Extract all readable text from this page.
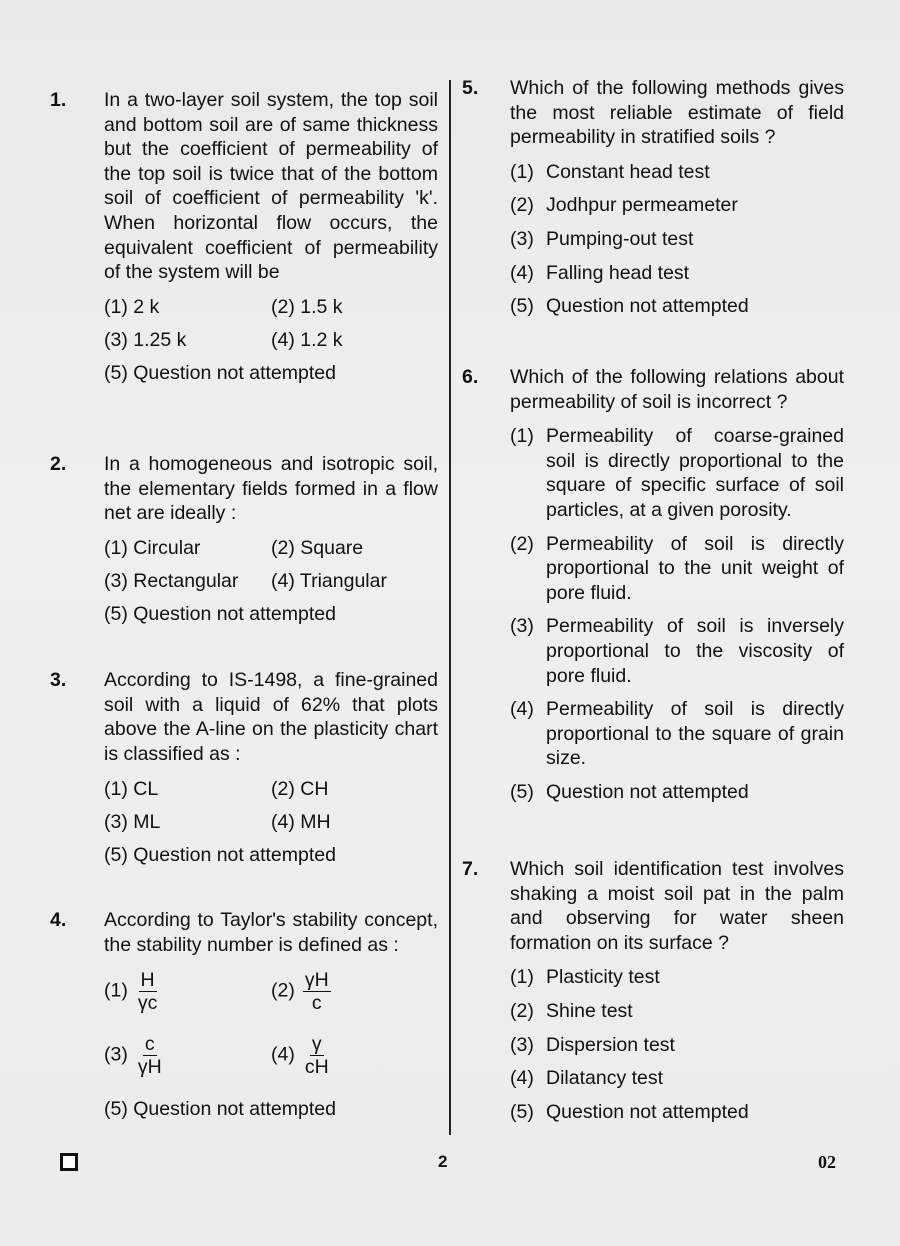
1. In a two-layer soil system, the top soil and bottom soil are of same thickness but the coefficient of permeability of the top soil is twice that of the bottom soil of coefficient of permeability 'k'. When horizontal flow occurs, the equivalent coefficient of permeability of the system will be
(1) 2 k	(2) 1.5 k
(3) 1.25 k	(4) 1.2 k
(5) Question not attempted
2. In a homogeneous and isotropic soil, the elementary fields formed in a flow net are ideally :
(1) Circular	(2) Square
(3) Rectangular	(4) Triangular
(5) Question not attempted
3. According to IS-1498, a fine-grained soil with a liquid of 62% that plots above the A-line on the plasticity chart is classified as :
(1) CL	(2) CH
(3) ML	(4) MH
(5) Question not attempted
4. According to Taylor's stability concept, the stability number is defined as :
$(1) \frac{H}{\gamma c}$	$(2) \frac{\gamma H}{c}$
$(3) \frac{c}{\gamma H}$	$(4) \frac{\gamma}{cH}$
(5) Question not attempted
5. Which of the following methods gives the most reliable estimate of field permeability in stratified soils ?
(1) Constant head test
(2) Jodhpur permeameter
(3) Pumping-out test
(4) Falling head test
(5) Question not attempted
6. Which of the following relations about permeability of soil is incorrect ?
(1) Permeability of coarse-grained soil is directly proportional to the square of specific surface of soil particles, at a given porosity.
(2) Permeability of soil is directly proportional to the unit weight of pore fluid.
(3) Permeability of soil is inversely proportional to the viscosity of pore fluid.
(4) Permeability of soil is directly proportional to the square of grain size.
(5) Question not attempted
7. Which soil identification test involves shaking a moist soil pat in the palm and observing for water sheen formation on its surface ?
(1) Plasticity test
(2) Shine test
(3) Dispersion test
(4) Dilatancy test
(5) Question not attempted
2	02
